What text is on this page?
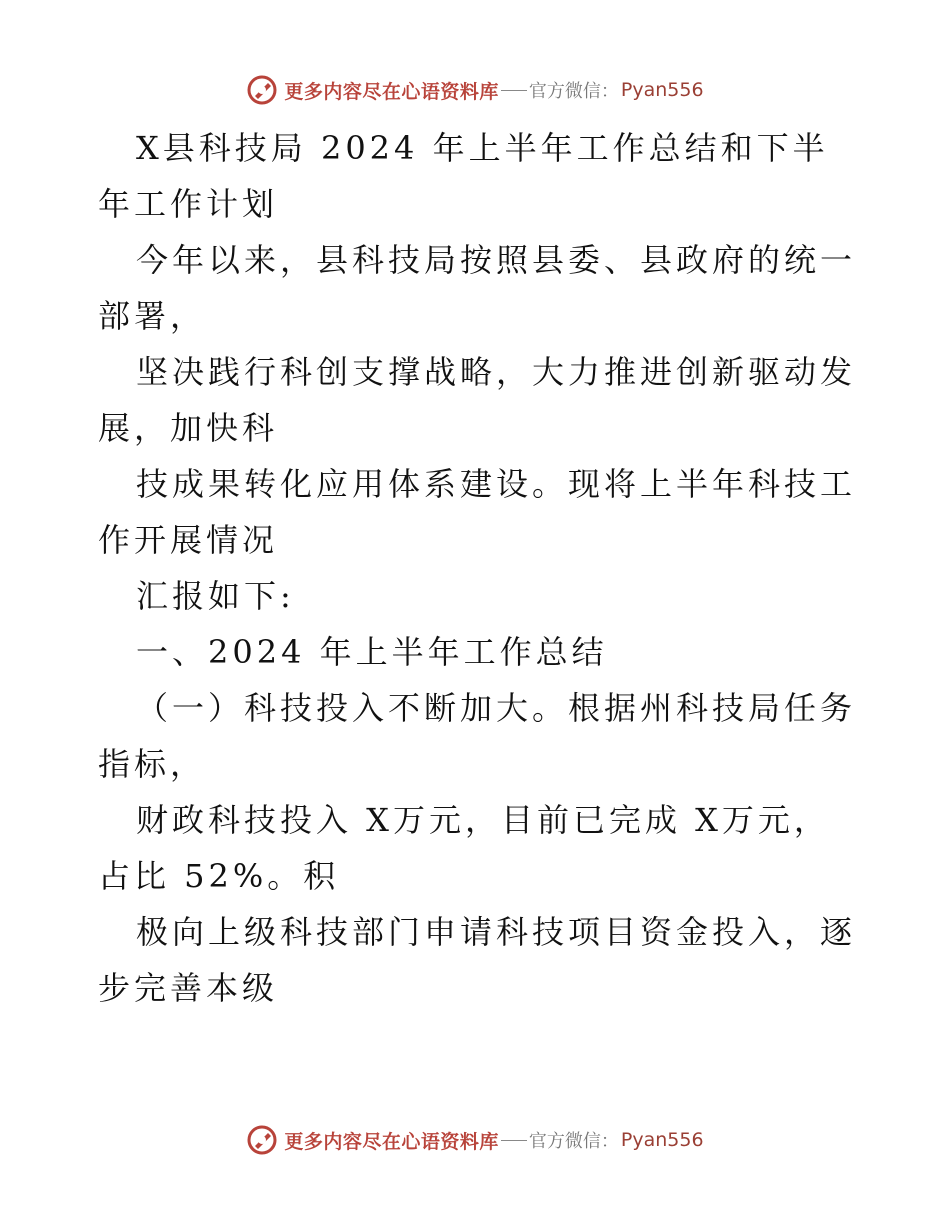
更多内容尽在心语资料库 官方微信： Pyan556

X县科技局 2024 年上半年工作总结和下半年工作计划

今年以来，县科技局按照县委、县政府的统一部署，

坚决践行科创支撑战略，大力推进创新驱动发展，加快科

技成果转化应用体系建设。现将上半年科技工作开展情况

汇报如下:

一、2024 年上半年工作总结

（一）科技投入不断加大。根据州科技局任务指标，

财政科技投入 X万元，目前已完成 X万元，占比 52%。积

极向上级科技部门申请科技项目资金投入，逐步完善本级

更多内容尽在心语资料库 官方微信： Pyan556
